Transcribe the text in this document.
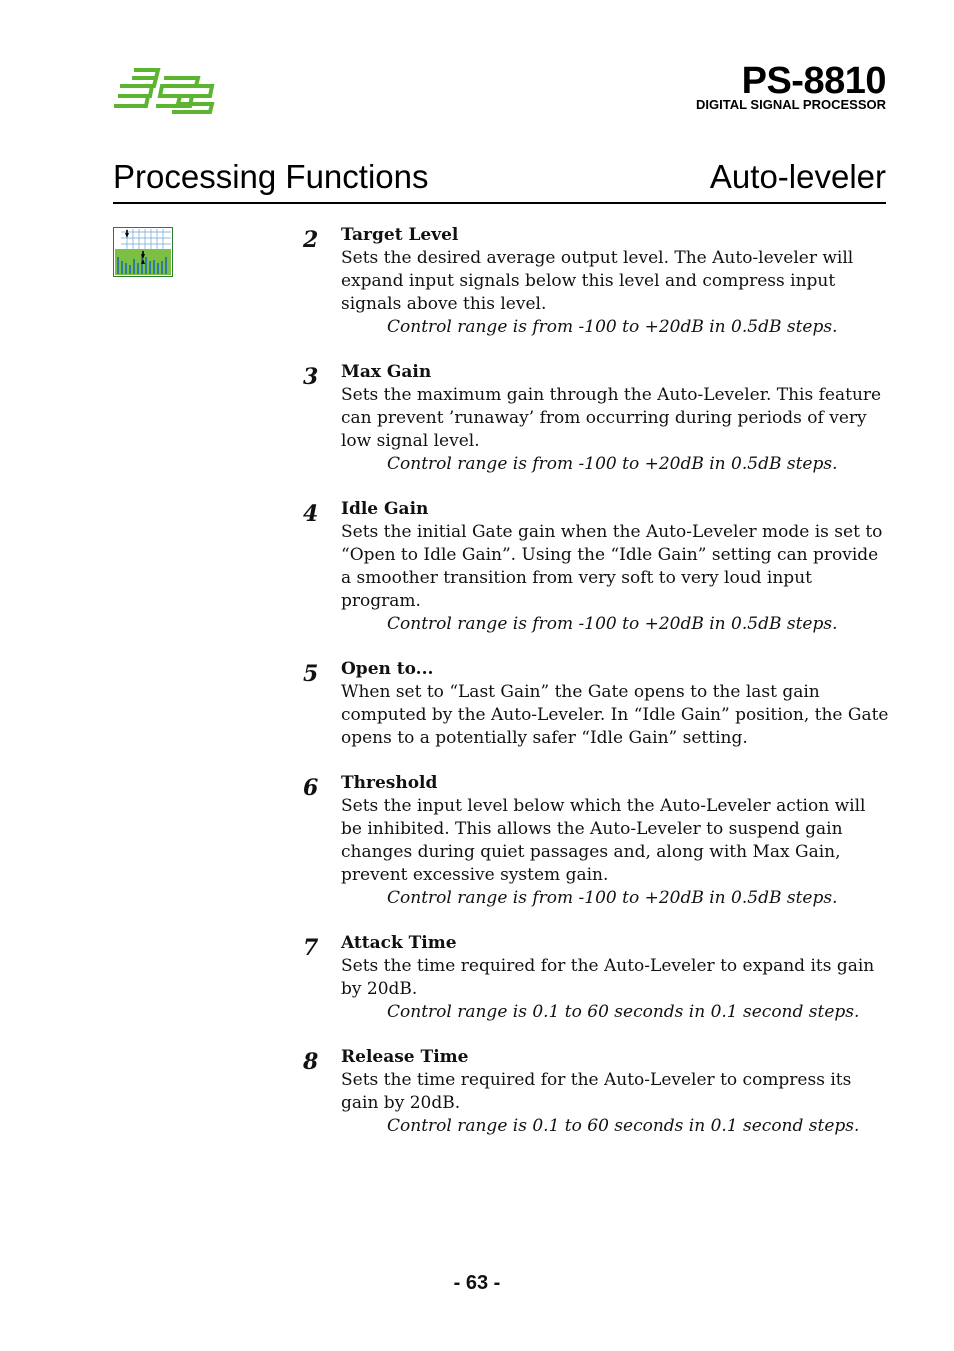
PS-8810
DIGITAL SIGNAL PROCESSOR
Processing Functions	Auto-leveler
2 Target Level
Sets the desired average output level. The Auto-leveler will expand input signals below this level and compress input signals above this level.
Control range is from -100 to +20dB in 0.5dB steps.
3 Max Gain
Sets the maximum gain through the Auto-Leveler. This feature can prevent ’runaway’ from occurring during periods of very low signal level.
Control range is from -100 to +20dB in 0.5dB steps.
4 Idle Gain
Sets the initial Gate gain when the Auto-Leveler mode is set to “Open to Idle Gain”. Using the “Idle Gain” setting can provide a smoother transition from very soft to very loud input program.
Control range is from -100 to +20dB in 0.5dB steps.
5 Open to...
When set to “Last Gain” the Gate opens to the last gain computed by the Auto-Leveler. In “Idle Gain” position, the Gate opens to a potentially safer “Idle Gain” setting.
6 Threshold
Sets the input level below which the Auto-Leveler action will be inhibited. This allows the Auto-Leveler to suspend gain changes during quiet passages and, along with Max Gain, prevent excessive system gain.
Control range is from -100 to +20dB in 0.5dB steps.
7 Attack Time
Sets the time required for the Auto-Leveler to expand its gain by 20dB.
Control range is 0.1 to 60 seconds in 0.1 second steps.
8 Release Time
Sets the time required for the Auto-Leveler to compress its gain by 20dB.
Control range is 0.1 to 60 seconds in 0.1 second steps.
- 63 -
